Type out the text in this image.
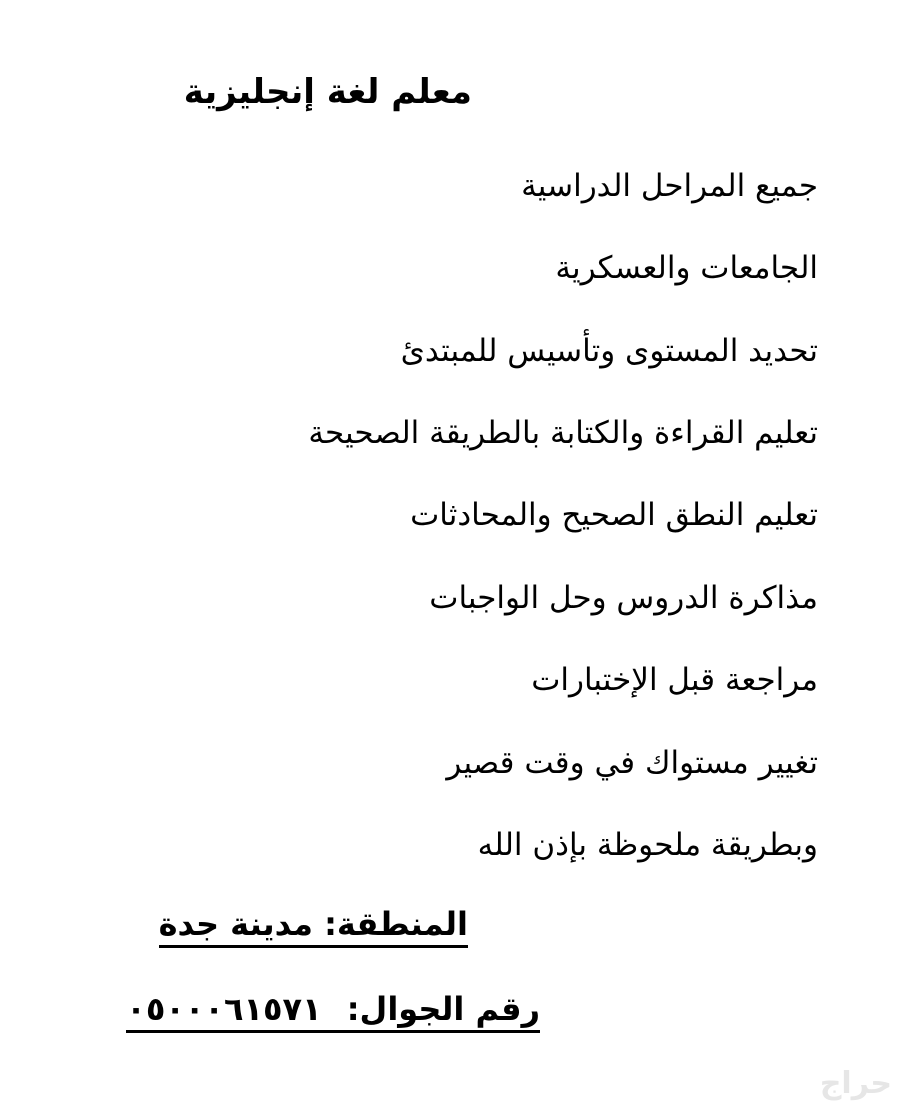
معلم لغة إنجليزية
جميع المراحل الدراسية
الجامعات والعسكرية
تحديد المستوى وتأسيس للمبتدئ
تعليم القراءة والكتابة بالطريقة الصحيحة
تعليم النطق الصحيح والمحادثات
مذاكرة الدروس وحل الواجبات
مراجعة قبل الإختبارات
تغيير مستواك في وقت قصير
وبطريقة ملحوظة بإذن الله
المنطقة: مدينة جدة
رقم الجوال: ٠٥٠٠٠٦١٥٧١
حراج
